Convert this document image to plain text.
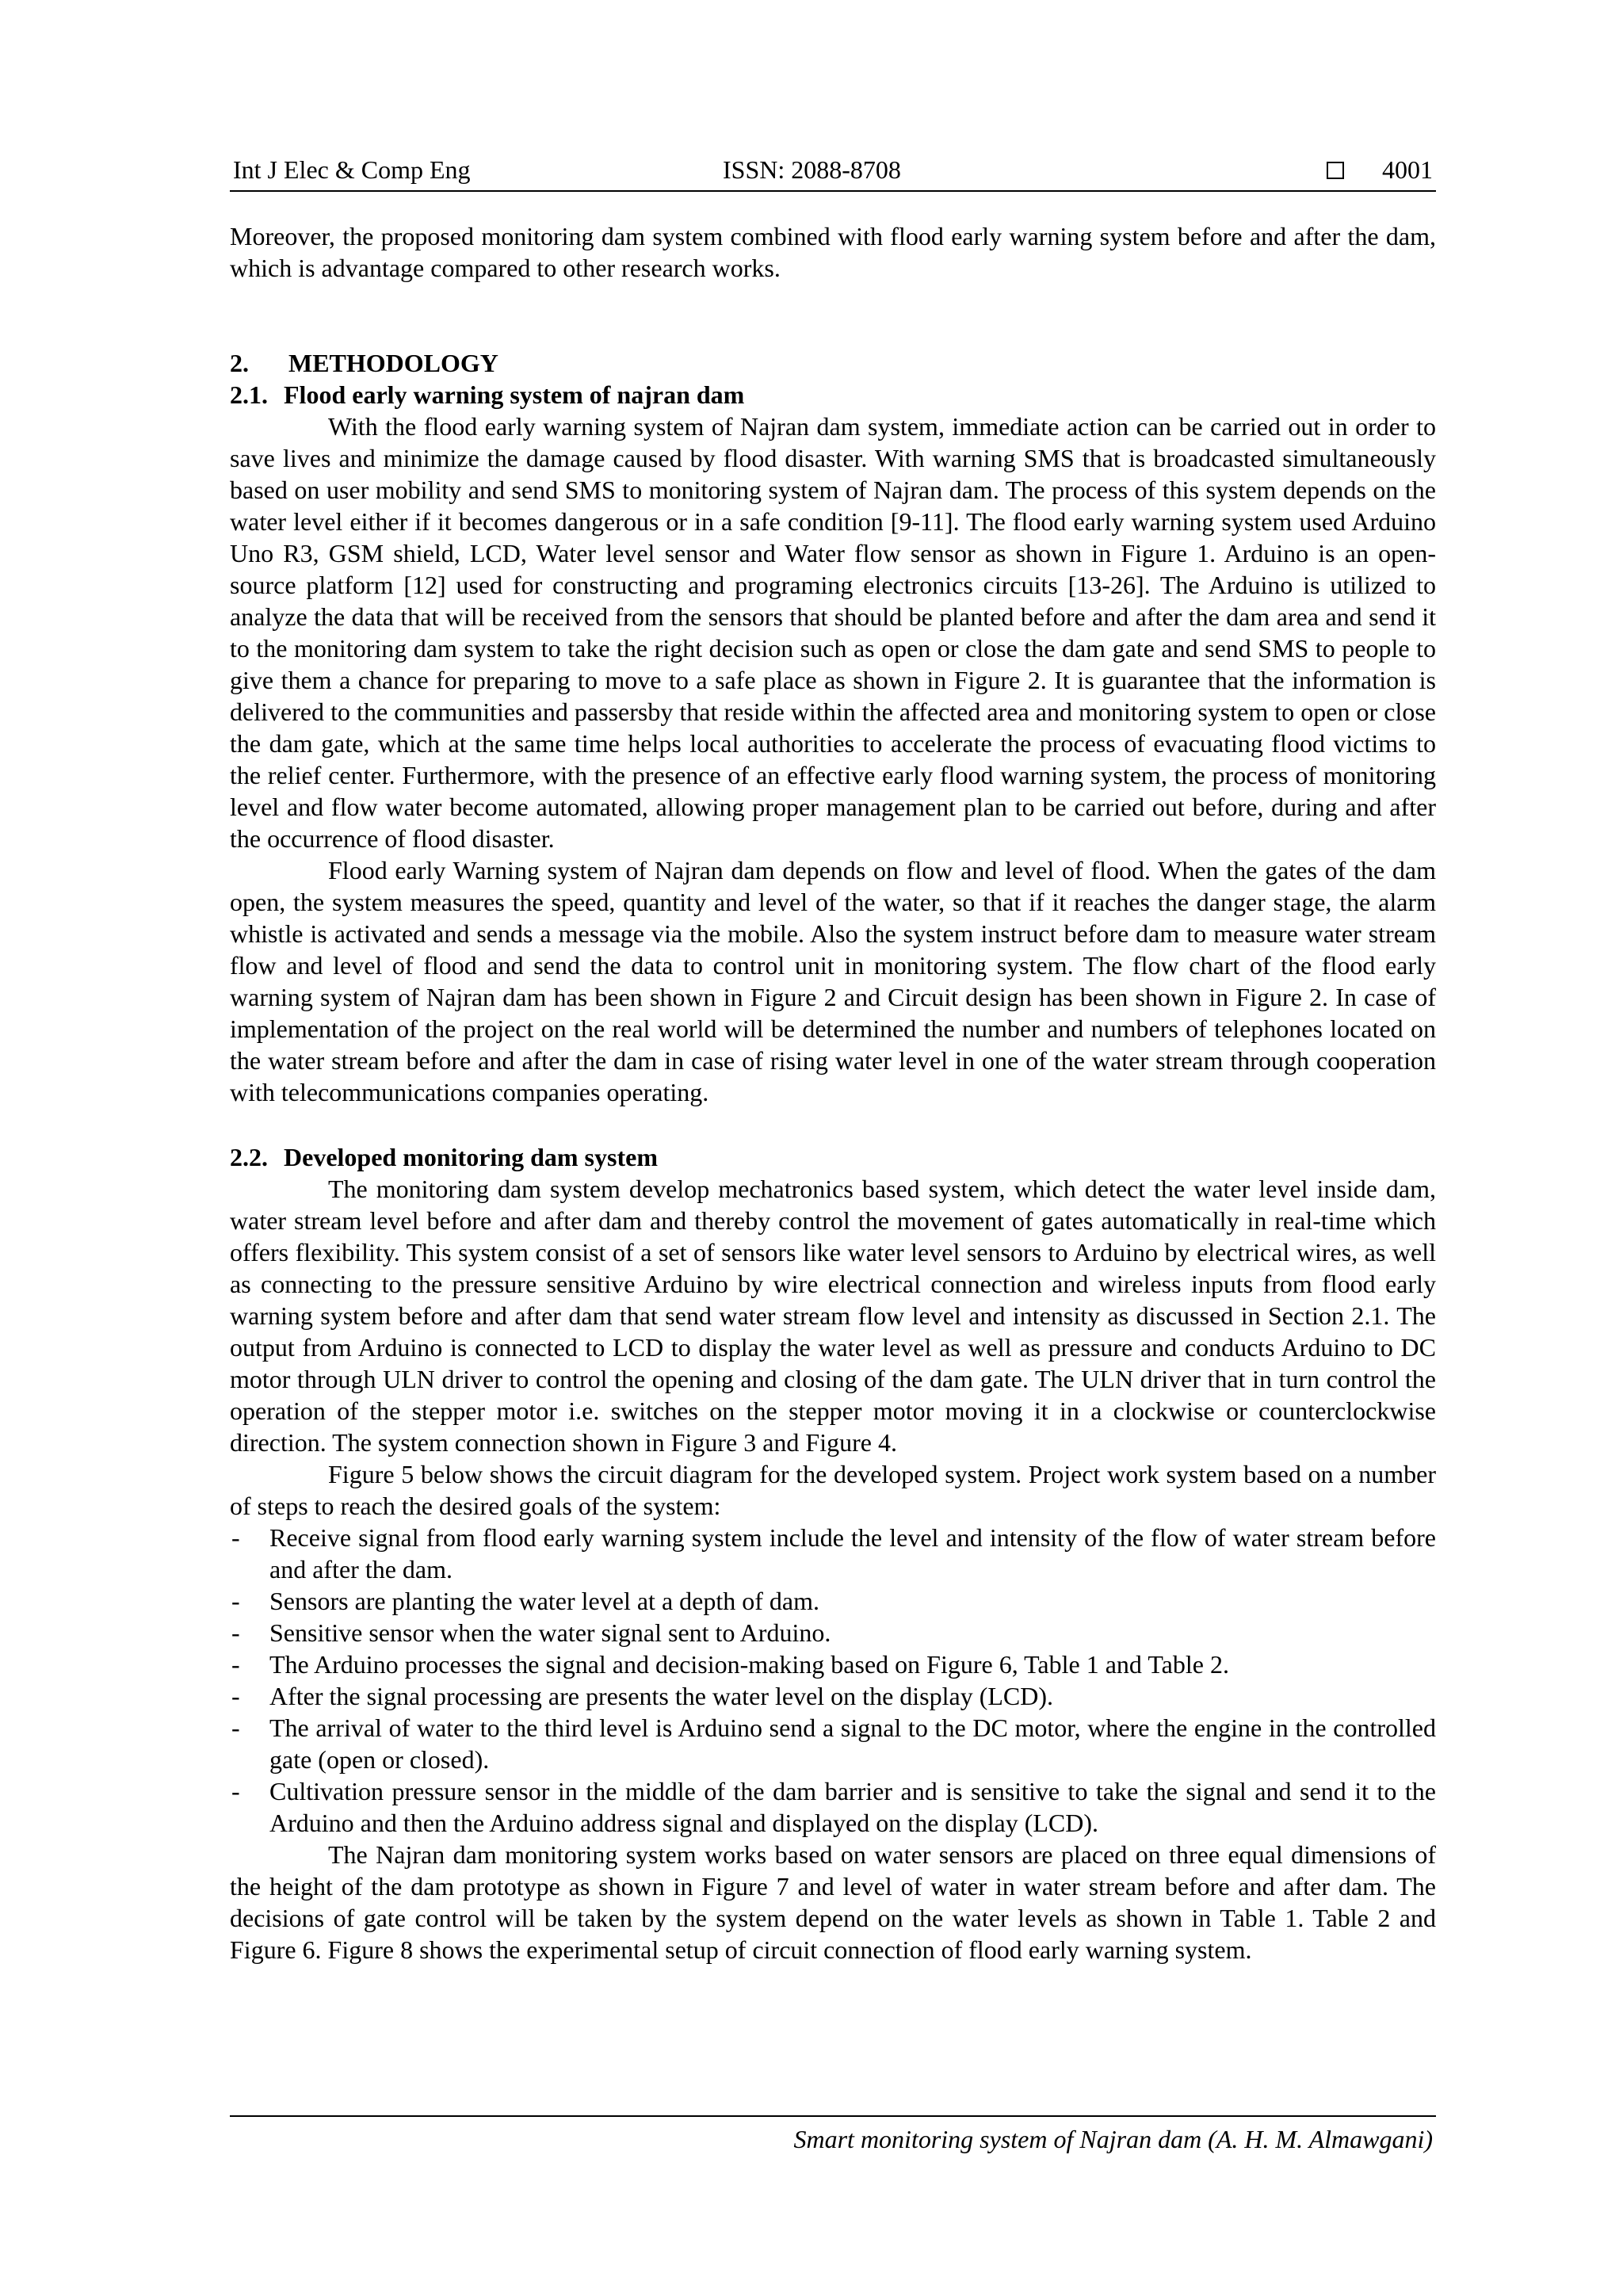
Int J Elec & Comp Eng	ISSN: 2088-8708	4001

Moreover, the proposed monitoring dam system combined with flood early warning system before and after the dam, which is advantage compared to other research works.

2. METHODOLOGY

2.1. Flood early warning system of najran dam

With the flood early warning system of Najran dam system, immediate action can be carried out in order to save lives and minimize the damage caused by flood disaster. With warning SMS that is broadcasted simultaneously based on user mobility and send SMS to monitoring system of Najran dam. The process of this system depends on the water level either if it becomes dangerous or in a safe condition [9-11]. The flood early warning system used Arduino Uno R3, GSM shield, LCD, Water level sensor and Water flow sensor as shown in Figure 1. Arduino is an open-source platform [12] used for constructing and programing electronics circuits [13-26]. The Arduino is utilized to analyze the data that will be received from the sensors that should be planted before and after the dam area and send it to the monitoring dam system to take the right decision such as open or close the dam gate and send SMS to people to give them a chance for preparing to move to a safe place as shown in Figure 2. It is guarantee that the information is delivered to the communities and passersby that reside within the affected area and monitoring system to open or close the dam gate, which at the same time helps local authorities to accelerate the process of evacuating flood victims to the relief center. Furthermore, with the presence of an effective early flood warning system, the process of monitoring level and flow water become automated, allowing proper management plan to be carried out before, during and after the occurrence of flood disaster.

Flood early Warning system of Najran dam depends on flow and level of flood. When the gates of the dam open, the system measures the speed, quantity and level of the water, so that if it reaches the danger stage, the alarm whistle is activated and sends a message via the mobile. Also the system instruct before dam to measure water stream flow and level of flood and send the data to control unit in monitoring system. The flow chart of the flood early warning system of Najran dam has been shown in Figure 2 and Circuit design has been shown in Figure 2. In case of implementation of the project on the real world will be determined the number and numbers of telephones located on the water stream before and after the dam in case of rising water level in one of the water stream through cooperation with telecommunications companies operating.

2.2. Developed monitoring dam system

The monitoring dam system develop mechatronics based system, which detect the water level inside dam, water stream level before and after dam and thereby control the movement of gates automatically in real-time which offers flexibility. This system consist of a set of sensors like water level sensors to Arduino by electrical wires, as well as connecting to the pressure sensitive Arduino by wire electrical connection and wireless inputs from flood early warning system before and after dam that send water stream flow level and intensity as discussed in Section 2.1. The output from Arduino is connected to LCD to display the water level as well as pressure and conducts Arduino to DC motor through ULN driver to control the opening and closing of the dam gate. The ULN driver that in turn control the operation of the stepper motor i.e. switches on the stepper motor moving it in a clockwise or counterclockwise direction. The system connection shown in Figure 3 and Figure 4.

Figure 5 below shows the circuit diagram for the developed system. Project work system based on a number of steps to reach the desired goals of the system:

- Receive signal from flood early warning system include the level and intensity of the flow of water stream before and after the dam.
- Sensors are planting the water level at a depth of dam.
- Sensitive sensor when the water signal sent to Arduino.
- The Arduino processes the signal and decision-making based on Figure 6, Table 1 and Table 2.
- After the signal processing are presents the water level on the display (LCD).
- The arrival of water to the third level is Arduino send a signal to the DC motor, where the engine in the controlled gate (open or closed).
- Cultivation pressure sensor in the middle of the dam barrier and is sensitive to take the signal and send it to the Arduino and then the Arduino address signal and displayed on the display (LCD).

The Najran dam monitoring system works based on water sensors are placed on three equal dimensions of the height of the dam prototype as shown in Figure 7 and level of water in water stream before and after dam. The decisions of gate control will be taken by the system depend on the water levels as shown in Table 1. Table 2 and Figure 6. Figure 8 shows the experimental setup of circuit connection of flood early warning system.

Smart monitoring system of Najran dam (A. H. M. Almawgani)
